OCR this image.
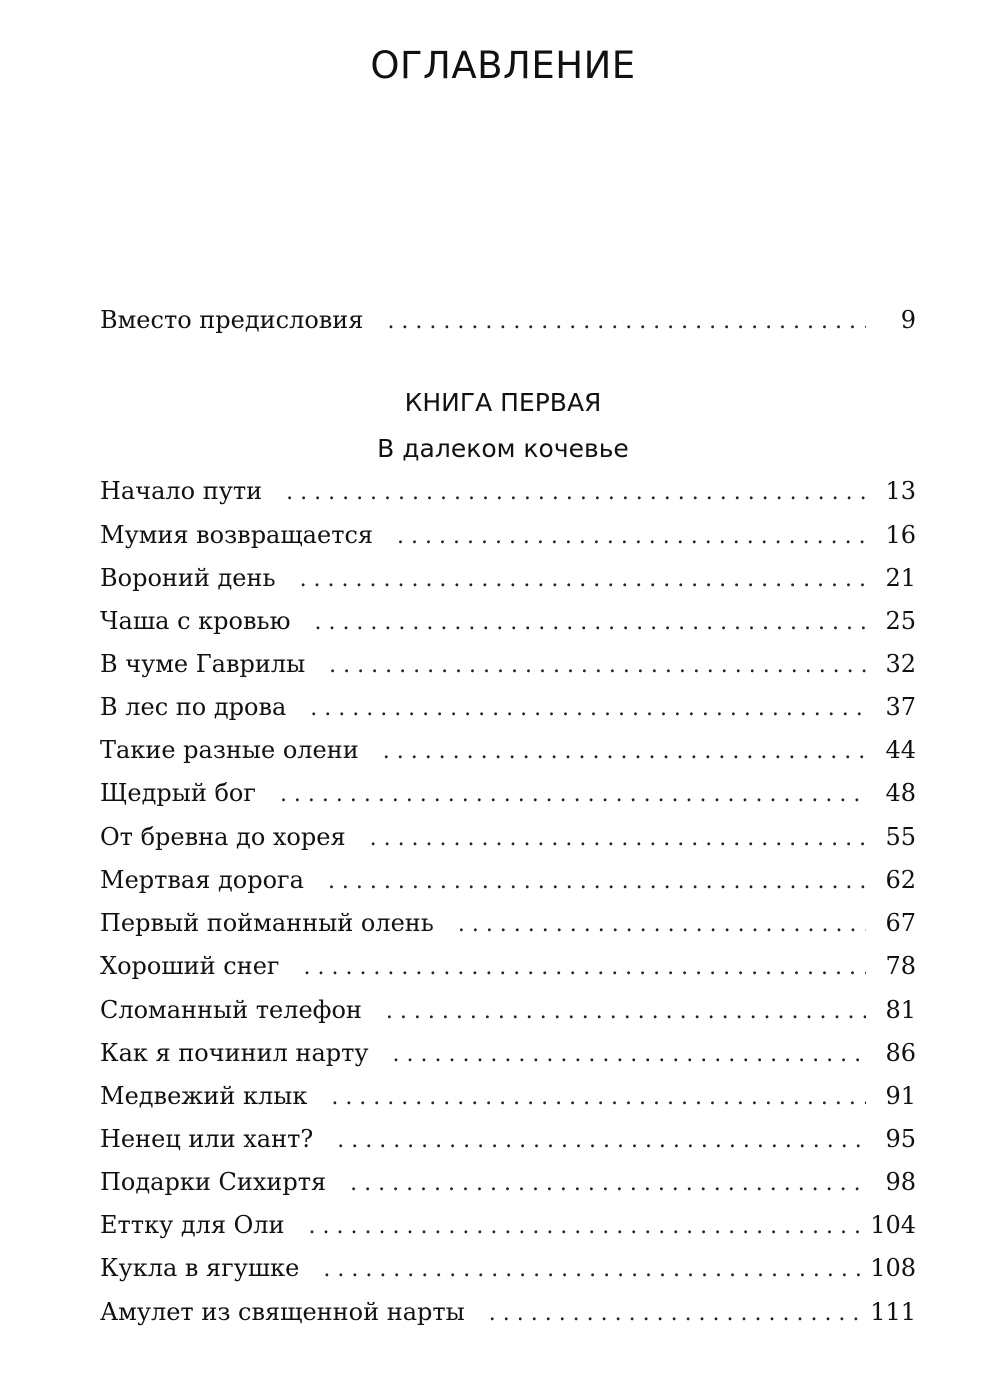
ОГЛАВЛЕНИЕ
Вместо предисловия . . .	9
КНИГА ПЕРВАЯ
В далеком кочевье
Начало пути . . .	13
Мумия возвращается . . .	16
Вороний день . . .	21
Чаша с кровью . . .	25
В чуме Гаврилы . . .	32
В лес по дрова . . .	37
Такие разные олени . . .	44
Щедрый бог . . .	48
От бревна до хорея . . .	55
Мертвая дорога . . .	62
Первый пойманный олень . . .	67
Хороший снег . . .	78
Сломанный телефон . . .	81
Как я починил нарту . . .	86
Медвежий клык . . .	91
Ненец или хант? . . .	95
Подарки Сихиртя . . .	98
Еттку для Оли . . .	104
Кукла в ягушке . . .	108
Амулет из священной нарты . . .	111
